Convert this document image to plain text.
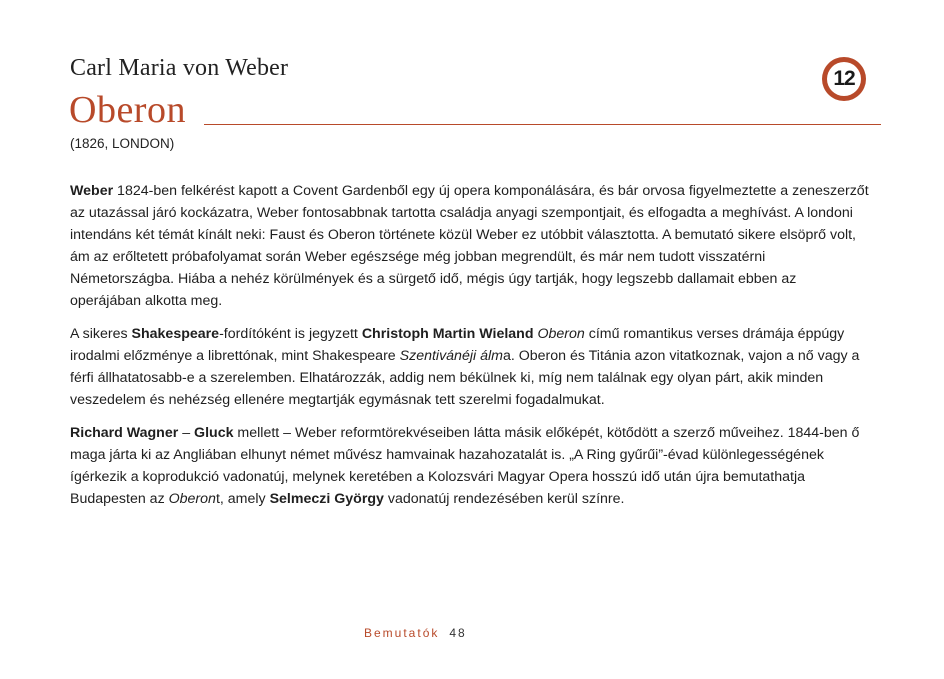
Carl Maria von Weber	12
Oberon
(1826, LONDON)

Weber 1824-ben felkérést kapott a Covent Gardenből egy új opera komponálására, és bár orvosa figyelmeztette a zeneszerzőt az utazással járó kockázatra, Weber fontosabbnak tartotta családja anyagi szempontjait, és elfogadta a meghívást. A londoni intendáns két témát kínált neki: Faust és Oberon története közül Weber ez utóbbit választotta. A bemutató sikere elsöprő volt, ám az erőltetett próbafolyamat során Weber egészsége még jobban megrendült, és már nem tudott visszatérni Németországba. Hiába a nehéz körülmények és a sürgető idő, mégis úgy tartják, hogy legszebb dallamait ebben az operájában alkotta meg.

A sikeres Shakespeare-fordítóként is jegyzett Christoph Martin Wieland Oberon című romantikus verses drámája éppúgy irodalmi előzménye a librettónak, mint Shakespeare Szentivánéji álma. Oberon és Titánia azon vitatkoznak, vajon a nő vagy a férfi állhatatosabb-e a szerelemben. Elhatározzák, addig nem békülnek ki, míg nem találnak egy olyan párt, akik minden veszedelem és nehézség ellenére megtartják egymásnak tett szerelmi fogadalmukat.

Richard Wagner – Gluck mellett – Weber reformtörekvéseiben látta másik előképét, kötődött a szerző műveihez. 1844-ben ő maga járta ki az Angliában elhunyt német művész hamvainak hazahozatalát is. „A Ring gyűrűi”-évad különlegességének ígérkezik a koprodukció vadonatúj, melynek keretében a Kolozsvári Magyar Opera hosszú idő után újra bemutathatja Budapesten az Oberont, amely Selmeczi György vadonatúj rendezésében kerül színre.

Bemutatók 48
